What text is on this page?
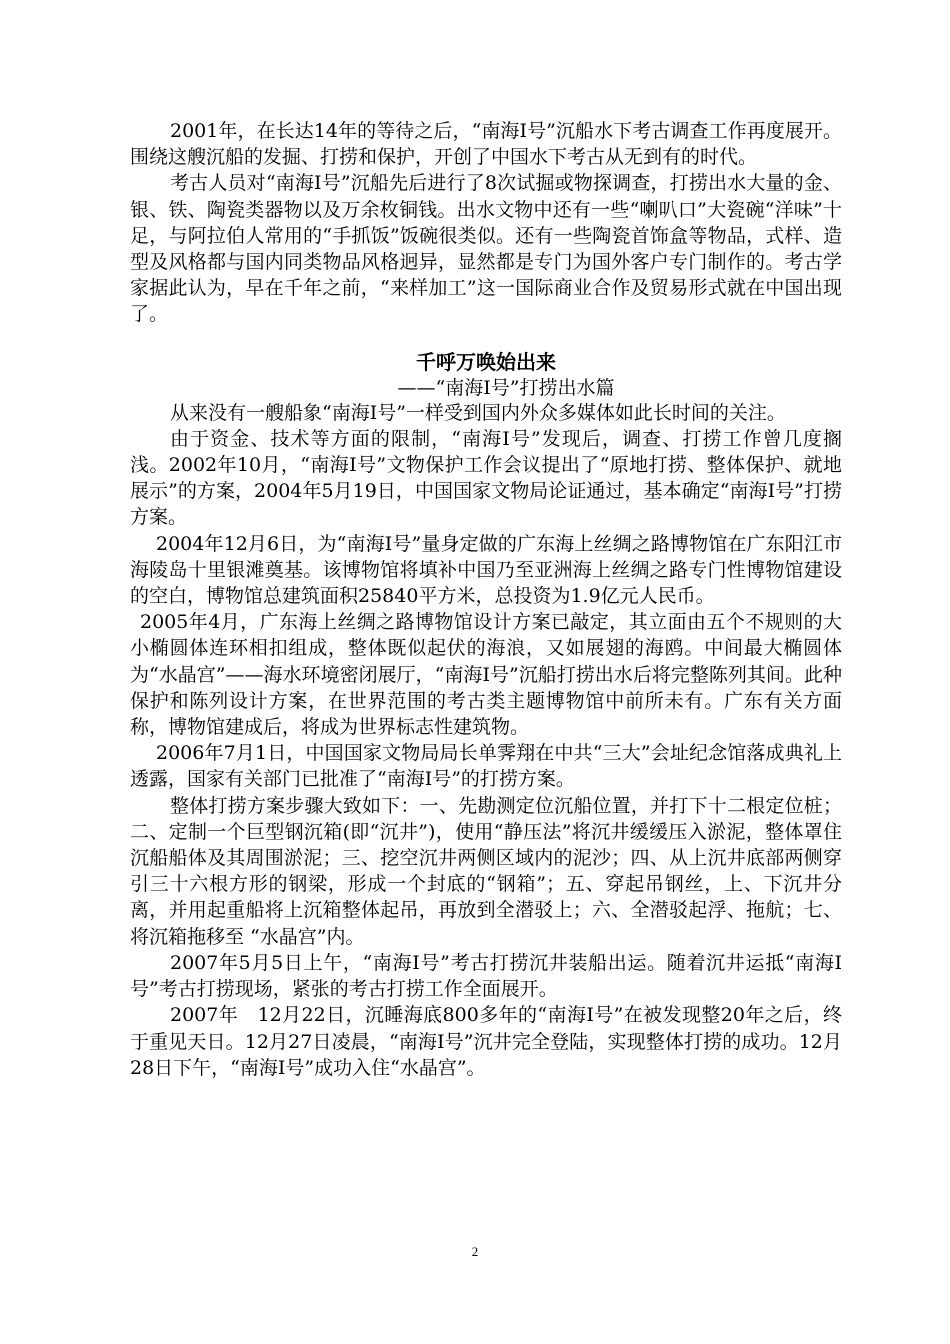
2001年，在长达14年的等待之后，“南海I号”沉船水下考古调查工作再度展开。围绕这艘沉船的发掘、打捞和保护，开创了中国水下考古从无到有的时代。

考古人员对“南海I号”沉船先后进行了8次试掘或物探调查，打捞出水大量的金、银、铁、陶瓷类器物以及万余枚铜钱。出水文物中还有一些“喇叭口”大瓷碗“洋味”十足，与阿拉伯人常用的“手抓饭”饭碗很类似。还有一些陶瓷首饰盒等物品，式样、造型及风格都与国内同类物品风格迥异，显然都是专门为国外客户专门制作的。考古学家据此认为，早在千年之前，“来样加工”这一国际商业合作及贸易形式就在中国出现了。

千呼万唤始出来

——“南海I号”打捞出水篇

从来没有一艘船象“南海I号”一样受到国内外众多媒体如此长时间的关注。

由于资金、技术等方面的限制，“南海I号”发现后，调查、打捞工作曾几度搁浅。2002年10月，“南海I号”文物保护工作会议提出了“原地打捞、整体保护、就地展示”的方案，2004年5月19日，中国国家文物局论证通过，基本确定“南海I号”打捞方案。

2004年12月6日，为“南海I号”量身定做的广东海上丝绸之路博物馆在广东阳江市海陵岛十里银滩奠基。该博物馆将填补中国乃至亚洲海上丝绸之路专门性博物馆建设的空白，博物馆总建筑面积25840平方米，总投资为1.9亿元人民币。

2005年4月，广东海上丝绸之路博物馆设计方案已敲定，其立面由五个不规则的大小椭圆体连环相扣组成，整体既似起伏的海浪，又如展翅的海鸥。中间最大椭圆体为“水晶宫”——海水环境密闭展厅，“南海I号”沉船打捞出水后将完整陈列其间。此种保护和陈列设计方案，在世界范围的考古类主题博物馆中前所未有。广东有关方面称，博物馆建成后，将成为世界标志性建筑物。

2006年7月1日，中国国家文物局局长单霁翔在中共“三大”会址纪念馆落成典礼上透露，国家有关部门已批准了“南海I号”的打捞方案。

整体打捞方案步骤大致如下：一、先勘测定位沉船位置，并打下十二根定位桩；二、定制一个巨型钢沉箱(即“沉井”)，使用“静压法”将沉井缓缓压入淤泥，整体罩住沉船船体及其周围淤泥；三、挖空沉井两侧区域内的泥沙；四、从上沉井底部两侧穿引三十六根方形的钢梁，形成一个封底的“钢箱”；五、穿起吊钢丝，上、下沉井分离，并用起重船将上沉箱整体起吊，再放到全潜驳上；六、全潜驳起浮、拖航；七、将沉箱拖移至 “水晶宫”内。

2007年5月5日上午，“南海I号”考古打捞沉井装船出运。随着沉井运抵“南海I号”考古打捞现场，紧张的考古打捞工作全面展开。

2007年　12月22日，沉睡海底800多年的“南海I号”在被发现整20年之后，终于重见天日。12月27日凌晨，“南海I号”沉井完全登陆，实现整体打捞的成功。12月28日下午，“南海I号”成功入住“水晶宫”。

2
